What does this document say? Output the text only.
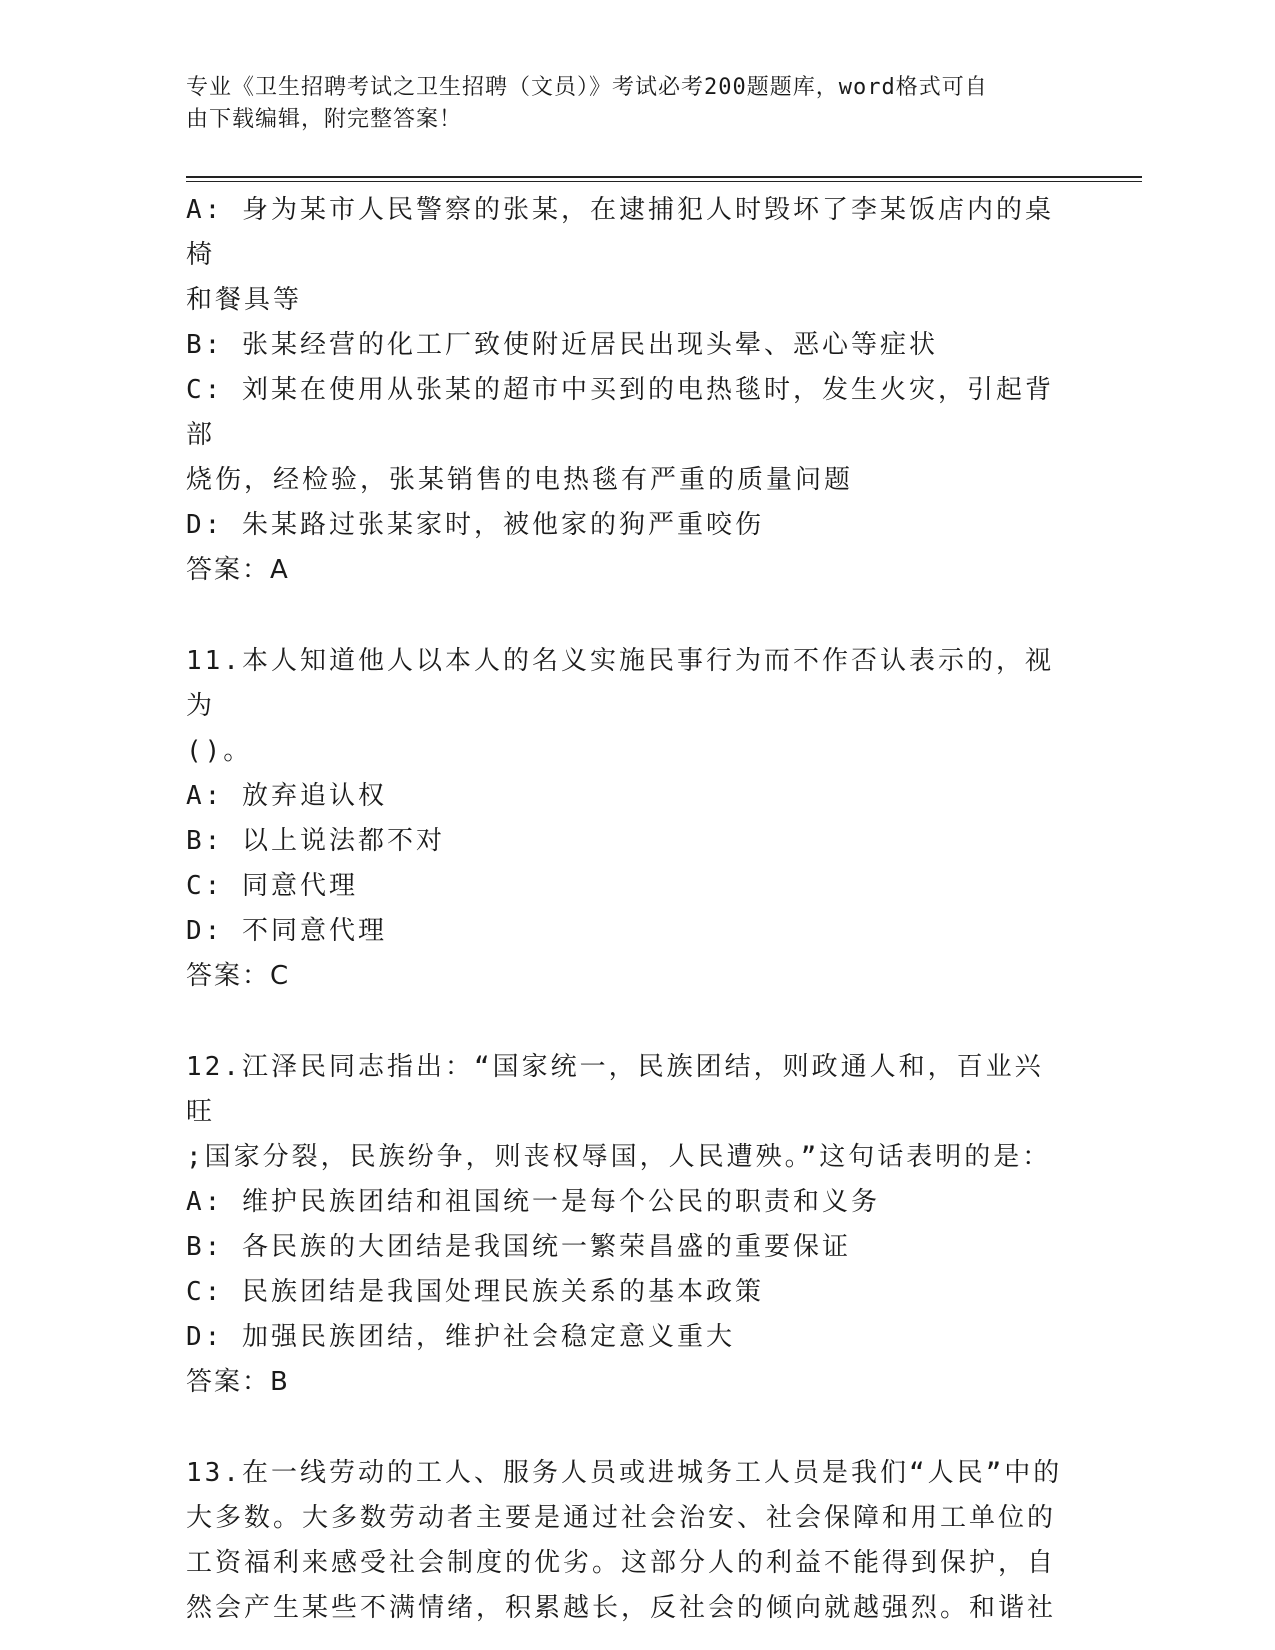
专业《卫生招聘考试之卫生招聘（文员）》考试必考200题题库，word格式可自
由下载编辑，附完整答案！

A: 身为某市人民警察的张某，在逮捕犯人时毁坏了李某饭店内的桌椅

和餐具等

B: 张某经营的化工厂致使附近居民出现头晕、恶心等症状

C: 刘某在使用从张某的超市中买到的电热毯时，发生火灾，引起背部

烧伤，经检验，张某销售的电热毯有严重的质量问题

D: 朱某路过张某家时，被他家的狗严重咬伤

答案：A

11.本人知道他人以本人的名义实施民事行为而不作否认表示的，视为

()。

A: 放弃追认权

B: 以上说法都不对

C: 同意代理

D: 不同意代理

答案：C

12.江泽民同志指出：“国家统一，民族团结，则政通人和，百业兴旺

;国家分裂，民族纷争，则丧权辱国，人民遭殃。”这句话表明的是：

A: 维护民族团结和祖国统一是每个公民的职责和义务

B: 各民族的大团结是我国统一繁荣昌盛的重要保证

C: 民族团结是我国处理民族关系的基本政策

D: 加强民族团结，维护社会稳定意义重大

答案：B

13.在一线劳动的工人、服务人员或进城务工人员是我们“人民”中的

大多数。大多数劳动者主要是通过社会治安、社会保障和用工单位的

工资福利来感受社会制度的优劣。这部分人的利益不能得到保护，自

然会产生某些不满情绪，积累越长，反社会的倾向就越强烈。和谐社
